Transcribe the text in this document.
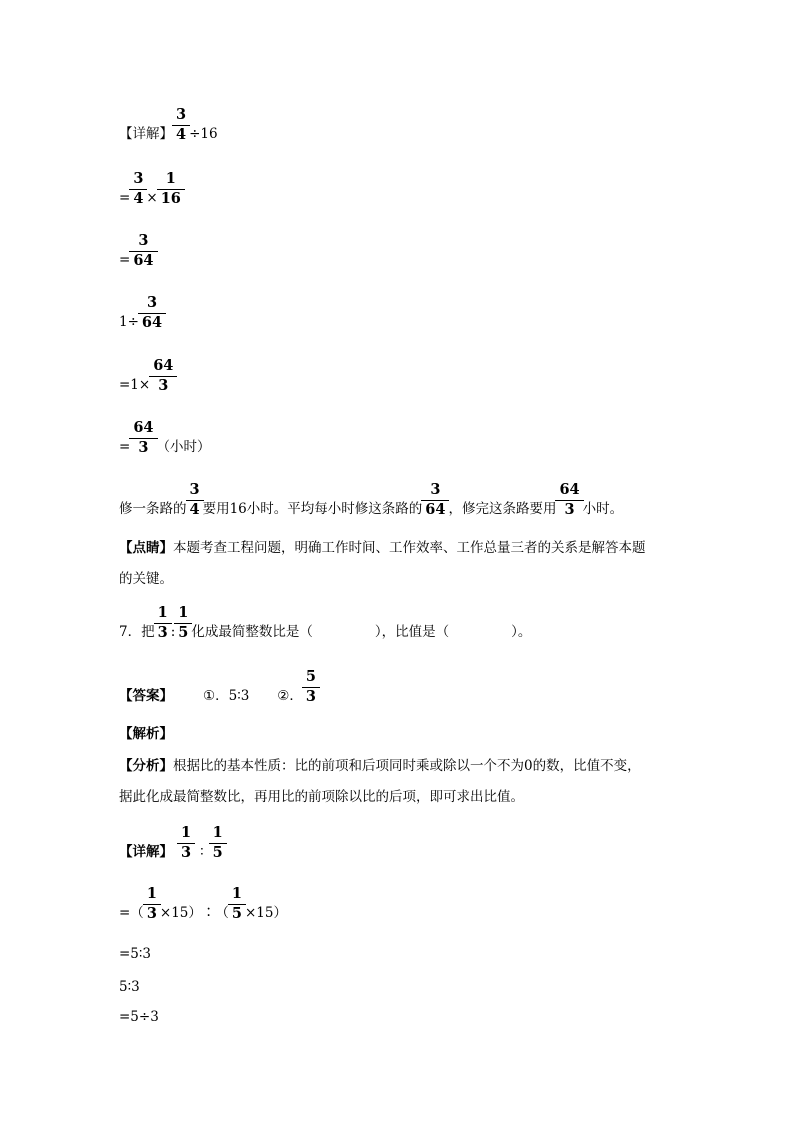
【详解】 $\frac{3}{4} \div 16$
= $\frac{3}{4} \times \frac{1}{16}$
= $\frac{3}{64}$
$1\div \frac{3}{64}$
$=1\times \frac{64}{3}$
= $\frac{64}{3}$ （小时）
修一条路的 $\frac{3}{4}$ 要用16小时。平均每小时修这条路的 $\frac{3}{64}$ ，修完这条路要用 $\frac{64}{3}$ 小时。
【点睛】 本题考查工程问题，明确工作时间、工作效率、工作总量三者的关系是解答本题
的关键。
7．把 $\frac{1}{3}$ : $\frac{1}{5}$ 化成最简整数比是（	），比值是（	）。
【答案】 ①．5∶3 ②． $\frac{5}{3}$
【解析】
【分析】 根据比的基本性质：比的前项和后项同时乘或除以一个不为0的数，比值不变，
据此化成最简整数比，再用比的前项除以比的后项，即可求出比值。
【详解】 $\frac{1}{3}$ ∶ $\frac{1}{5}$
=（ $\frac{1}{3}$ ×15）∶（ $\frac{1}{5} \times 15$）
=5∶3
5∶3
=5÷3
